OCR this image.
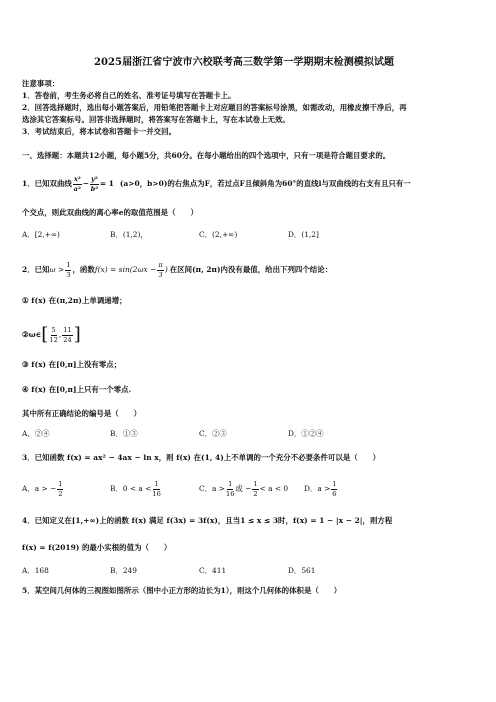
2025届浙江省宁波市六校联考高三数学第一学期期末检测模拟试题
注意事项：
1．答卷前，考生务必将自己的姓名、准考证号填写在答题卡上。
2．回答选择题时，选出每小题答案后，用铅笔把答题卡上对应题目的答案标号涂黑，如需改动，用橡皮擦干净后，再
选涂其它答案标号。回答非选择题时，将答案写在答题卡上，写在本试卷上无效。
3．考试结束后，将本试卷和答题卡一并交回。
一、选择题：本题共12小题，每小题5分，共60分。在每小题给出的四个选项中，只有一项是符合题目要求的。
1．已知双曲线 $\frac{\text{x²}}{\text{a²}} - \frac{\text{y²}}{\text{b²}} = 1$ (a>0，b>0)的右焦点为F，若过点F且倾斜角为60°的直线l与双曲线的右支有且只有一
个交点，则此双曲线的离心率e的取值范围是（　　）
A．[2,+∞)	B．(1,2)，	C．(2,+∞)	D．(1,2]
2．已知 $\omega > \frac{1}{3}$ ，函数 $f(x) = \sin(2\omega x - \frac{\pi}{3}$ ) 在区间(π, 2π)内没有最值，给出下列四个结论：
① f(x) 在(π,2π)上单调递增；
②ω∈ [ $\frac{5}{12}$ , $\frac{11}{24}$ ]
③ f(x) 在[0,π]上没有零点；
④ f(x) 在[0,π]上只有一个零点.
其中所有正确结论的编号是（　　）
A．②④	B．①③	C．②③	D．①②④
3．已知函数 f(x) = ax² − 4ax − ln x，则 f(x) 在(1, 4)上不单调的一个充分不必要条件可以是（　　）
A．a > − $\frac{1}{2}$	B．$0 < a < \frac{1}{16}$	C．$a > \frac{1}{16}$ 或 − $\frac{1}{2} < a < 0$ D．$a > \frac{1}{6}$
4．已知定义在[1,+∞)上的函数 f(x) 满足 f(3x) = 3f(x)，且当1 ≤ x ≤ 3时，f(x) = 1 − |x − 2|，则方程
f(x) = f(2019) 的最小实根的值为（　　）
A．168	B．249	C．411	D．561
5．某空间几何体的三视图如图所示（图中小正方形的边长为1），则这个几何体的体积是（　　）
